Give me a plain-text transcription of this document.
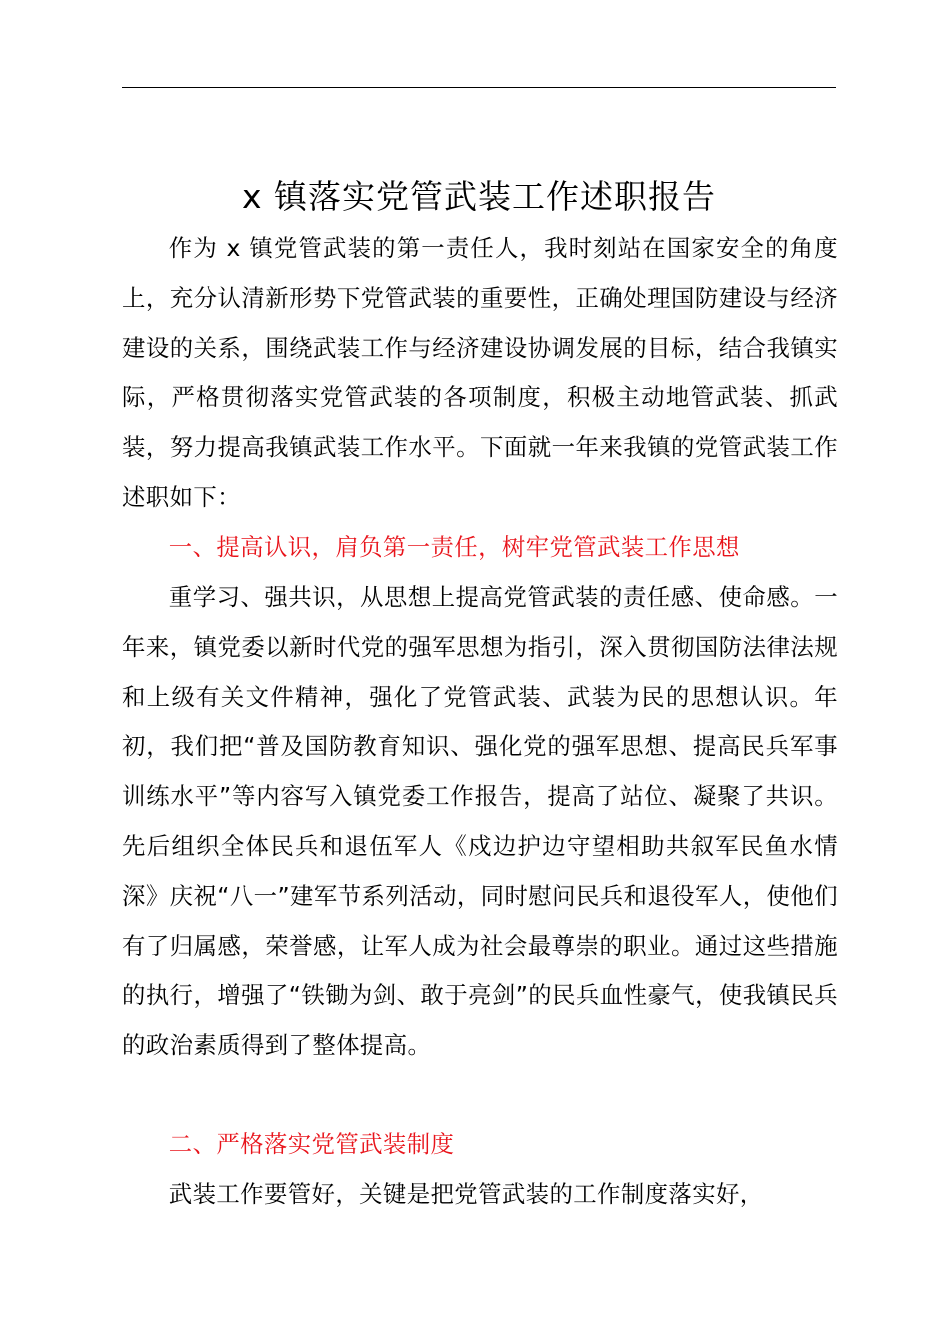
x 镇落实党管武装工作述职报告

作为 x 镇党管武装的第一责任人，我时刻站在国家安全的角度上，充分认清新形势下党管武装的重要性，正确处理国防建设与经济建设的关系，围绕武装工作与经济建设协调发展的目标，结合我镇实际，严格贯彻落实党管武装的各项制度，积极主动地管武装、抓武装，努力提高我镇武装工作水平。下面就一年来我镇的党管武装工作述职如下：

一、提高认识，肩负第一责任，树牢党管武装工作思想

重学习、强共识，从思想上提高党管武装的责任感、使命感。一年来，镇党委以新时代党的强军思想为指引，深入贯彻国防法律法规和上级有关文件精神，强化了党管武装、武装为民的思想认识。年初，我们把“普及国防教育知识、强化党的强军思想、提高民兵军事训练水平”等内容写入镇党委工作报告，提高了站位、凝聚了共识。先后组织全体民兵和退伍军人《戍边护边守望相助共叙军民鱼水情深》庆祝“八一”建军节系列活动，同时慰问民兵和退役军人，使他们有了归属感，荣誉感，让军人成为社会最尊崇的职业。通过这些措施的执行，增强了“铁锄为剑、敢于亮剑”的民兵血性豪气，使我镇民兵的政治素质得到了整体提高。

二、严格落实党管武装制度

武装工作要管好，关键是把党管武装的工作制度落实好，
